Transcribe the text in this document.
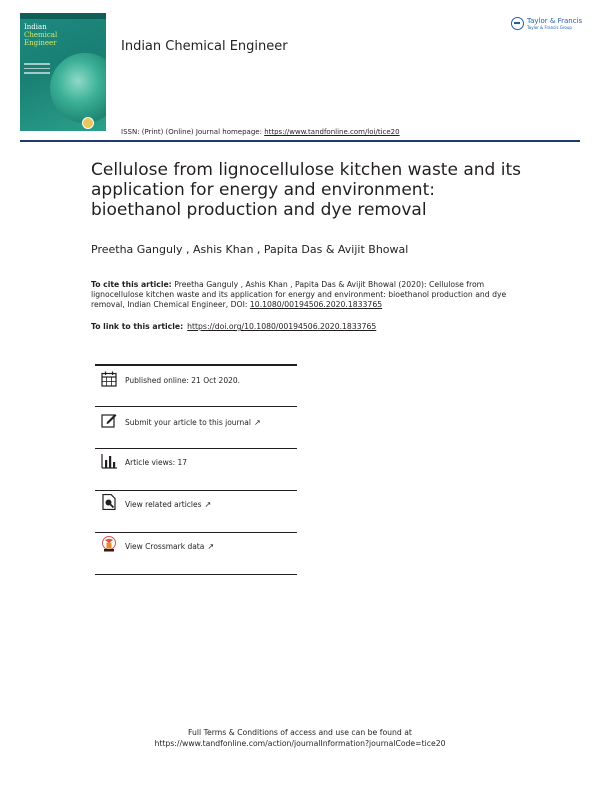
Indian
Chemical
Engineer	Indian Chemical Engineer
Taylor & Francis
Taylor & Francis Group
ISSN: (Print) (Online) Journal homepage: https://www.tandfonline.com/loi/tice20
Cellulose from lignocellulose kitchen waste and its application for energy and environment: bioethanol production and dye removal
Preetha Ganguly , Ashis Khan , Papita Das & Avijit Bhowal
To cite this article: Preetha Ganguly , Ashis Khan , Papita Das & Avijit Bhowal (2020): Cellulose from lignocellulose kitchen waste and its application for energy and environment: bioethanol production and dye removal, Indian Chemical Engineer, DOI: 10.1080/00194506.2020.1833765
To link to this article: https://doi.org/10.1080/00194506.2020.1833765
Published online: 21 Oct 2020.
Submit your article to this journal ↗
Article views: 17
View related articles ↗
View Crossmark data ↗
Full Terms & Conditions of access and use can be found at
https://www.tandfonline.com/action/journalInformation?journalCode=tice20
